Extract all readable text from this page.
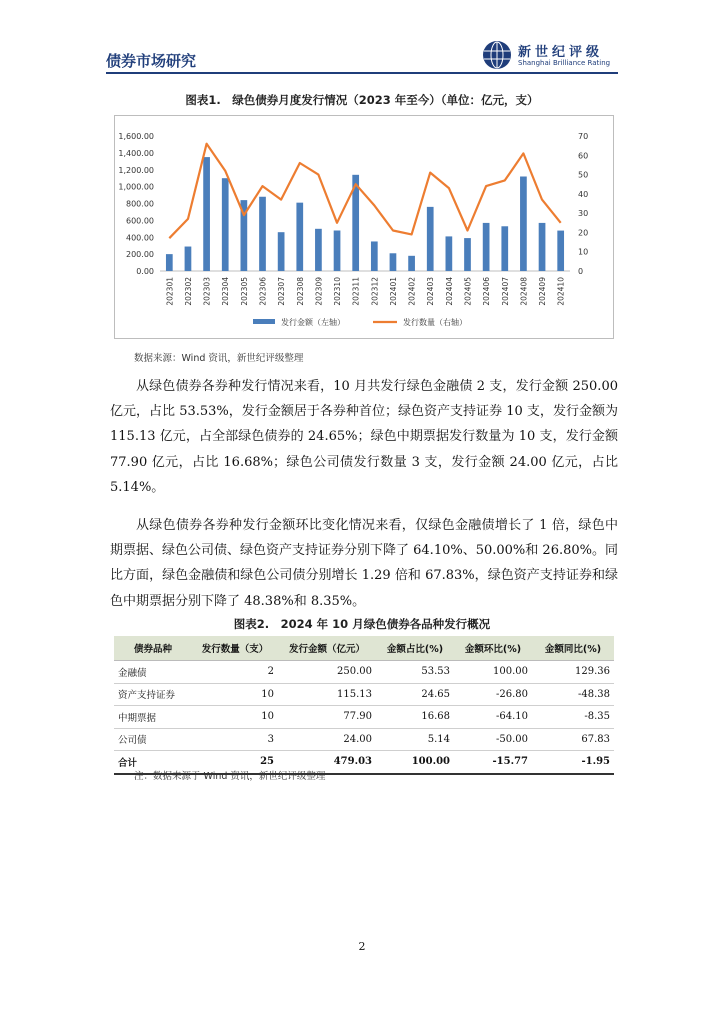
债券市场研究	新世纪评级
Shanghai Brilliance Rating
图表1.　绿色债券月度发行情况（2023 年至今）（单位：亿元，支）
0.00
200.00
400.00
600.00
800.00
1,000.00
1,200.00
1,400.00
1,600.00
0
10
20
30
40
50
60
70
202301 202302 202303 202304 202305 202306 202307 202308 202309 202310 202311 202312 202401 202402 202403 202404 202405 202406 202407 202408 202409 202410
发行金额（左轴）	发行数量（右轴）
数据来源：Wind 资讯，新世纪评级整理
从绿色债券各券种发行情况来看，10 月共发行绿色金融债 2 支，发行金额 250.00 亿元，占比 53.53%，发行金额居于各券种首位；绿色资产支持证券 10 支，发行金额为 115.13 亿元，占全部绿色债券的 24.65%；绿色中期票据发行数量为 10 支，发行金额 77.90 亿元，占比 16.68%；绿色公司债发行数量 3 支，发行金额 24.00 亿元，占比 5.14%。
从绿色债券各券种发行金额环比变化情况来看，仅绿色金融债增长了 1 倍，绿色中期票据、绿色公司债、绿色资产支持证券分别下降了 64.10%、50.00%和 26.80%。同比方面，绿色金融债和绿色公司债分别增长 1.29 倍和 67.83%，绿色资产支持证券和绿色中期票据分别下降了 48.38%和 8.35%。
图表2.　2024 年 10 月绿色债券各品种发行概况
债券品种	发行数量（支）	发行金额（亿元）	金额占比(%)	金额环比(%)	金额同比(%)
金融债	2	250.00	53.53	100.00	129.36
资产支持证券	10	115.13	24.65	-26.80	-48.38
中期票据	10	77.90	16.68	-64.10	-8.35
公司债	3	24.00	5.14	-50.00	67.83
合计	25	479.03	100.00	-15.77	-1.95
注：数据来源于 Wind 资讯，新世纪评级整理
2
